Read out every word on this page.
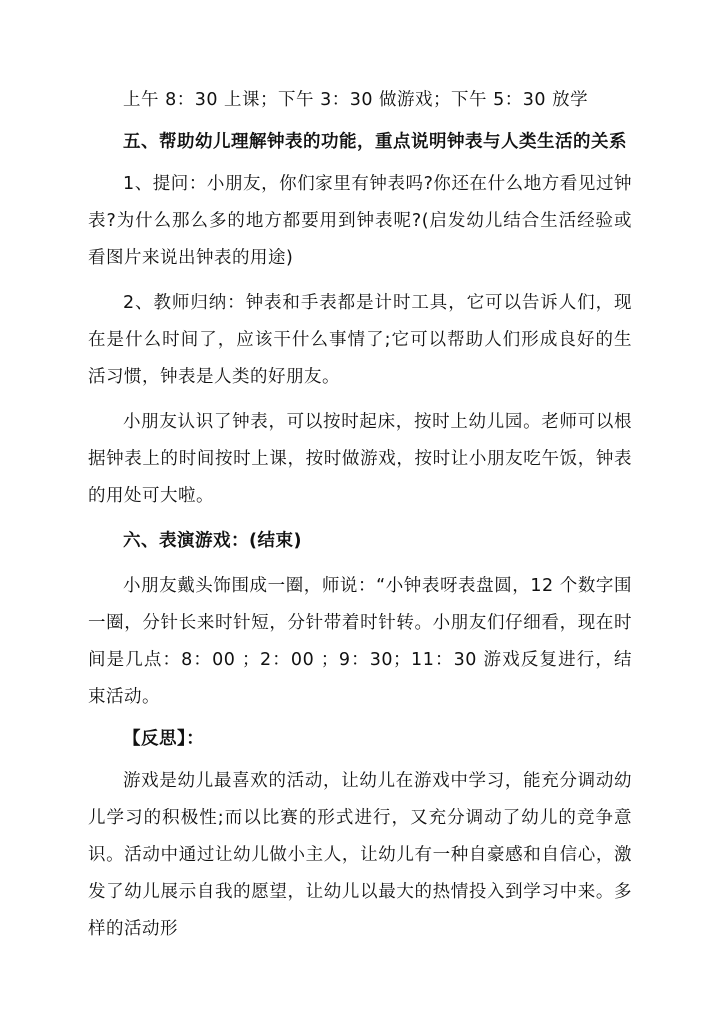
上午 8：30 上课；下午 3：30 做游戏；下午 5：30 放学

五、帮助幼儿理解钟表的功能，重点说明钟表与人类生活的关系

1、提问：小朋友，你们家里有钟表吗?你还在什么地方看见过钟表?为什么那么多的地方都要用到钟表呢?(启发幼儿结合生活经验或看图片来说出钟表的用途)

2、教师归纳：钟表和手表都是计时工具，它可以告诉人们，现在是什么时间了，应该干什么事情了;它可以帮助人们形成良好的生活习惯，钟表是人类的好朋友。

小朋友认识了钟表，可以按时起床，按时上幼儿园。老师可以根据钟表上的时间按时上课，按时做游戏，按时让小朋友吃午饭，钟表的用处可大啦。

六、表演游戏：(结束)

小朋友戴头饰围成一圈，师说：“小钟表呀表盘圆，12 个数字围一圈，分针长来时针短，分针带着时针转。小朋友们仔细看，现在时间是几点：8：00 ；2：00 ；9：30；11：30 游戏反复进行，结束活动。

【反思】：

游戏是幼儿最喜欢的活动，让幼儿在游戏中学习，能充分调动幼儿学习的积极性;而以比赛的形式进行，又充分调动了幼儿的竞争意识。活动中通过让幼儿做小主人，让幼儿有一种自豪感和自信心，激发了幼儿展示自我的愿望，让幼儿以最大的热情投入到学习中来。多样的活动形
